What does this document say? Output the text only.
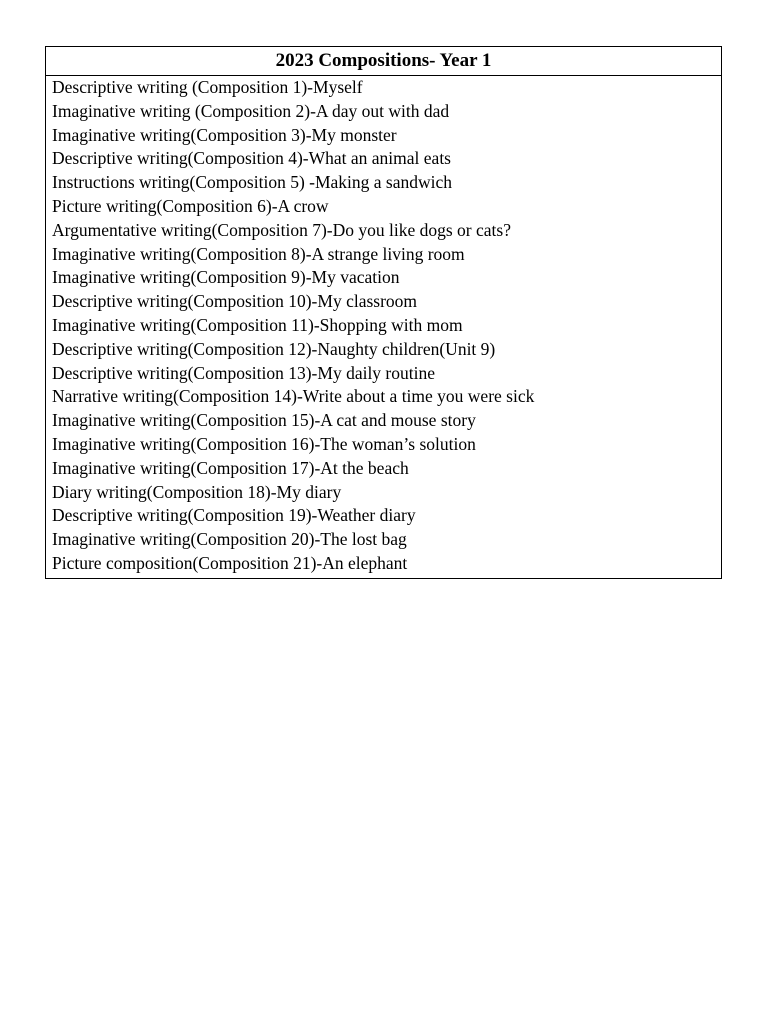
2023 Compositions- Year 1
Descriptive writing (Composition 1)-Myself
Imaginative writing (Composition 2)-A day out with dad
Imaginative writing(Composition 3)-My monster
Descriptive writing(Composition 4)-What an animal eats
Instructions writing(Composition 5) -Making a sandwich
Picture writing(Composition 6)-A crow
Argumentative writing(Composition 7)-Do you like dogs or cats?
Imaginative writing(Composition 8)-A strange living room
Imaginative writing(Composition 9)-My vacation
Descriptive writing(Composition 10)-My classroom
Imaginative writing(Composition 11)-Shopping with mom
Descriptive writing(Composition 12)-Naughty children(Unit 9)
Descriptive writing(Composition 13)-My daily routine
Narrative writing(Composition 14)-Write about a time you were sick
Imaginative writing(Composition 15)-A cat and mouse story
Imaginative writing(Composition 16)-The woman’s solution
Imaginative writing(Composition 17)-At the beach
Diary writing(Composition 18)-My diary
Descriptive writing(Composition 19)-Weather diary
Imaginative writing(Composition 20)-The lost bag
Picture composition(Composition 21)-An elephant
